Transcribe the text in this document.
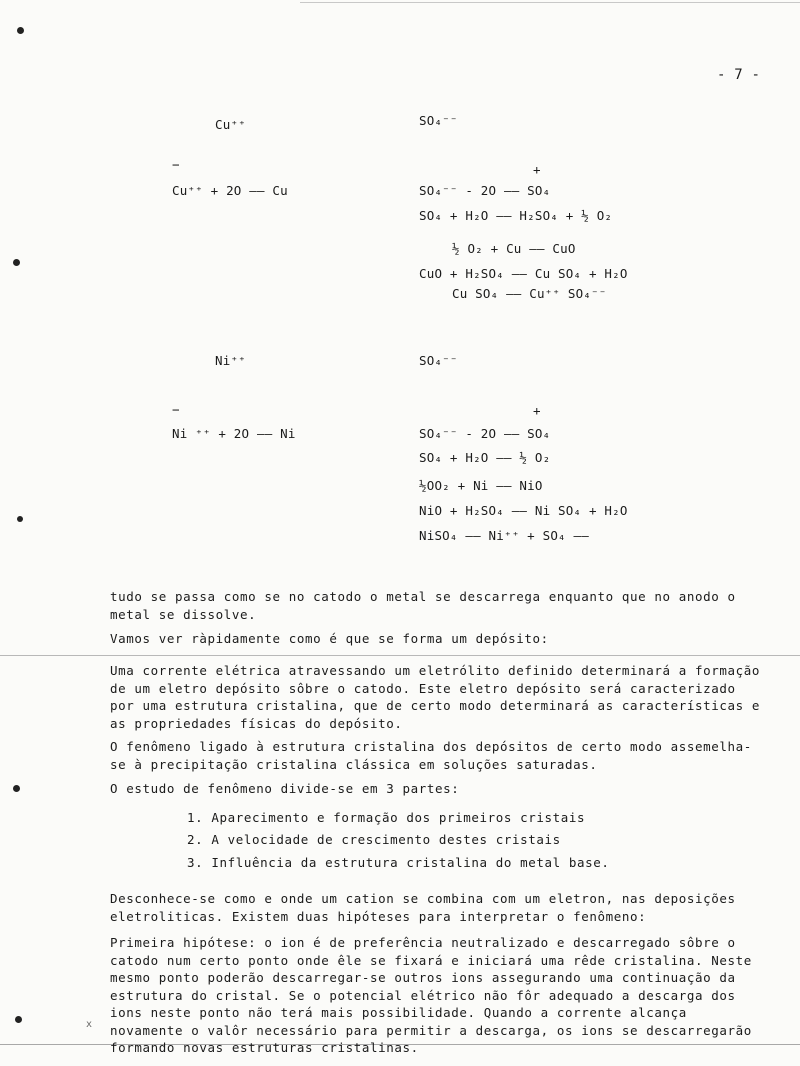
- 7 -
Cu⁺⁺	SO₄⁻⁻
−	+
Cu⁺⁺ + 2O —— Cu	SO₄⁻⁻ - 2O —— SO₄
SO₄ + H₂O —— H₂SO₄ + ½ O₂
½ O₂ + Cu —— CuO
CuO + H₂SO₄ —— Cu SO₄ + H₂O
Cu SO₄ —— Cu⁺⁺ SO₄⁻⁻
Ni⁺⁺	SO₄⁻⁻
−	+
Ni ⁺⁺ + 2O —— Ni	SO₄⁻⁻ - 2O —— SO₄
SO₄ + H₂O —— ½ O₂
½OO₂ + Ni —— NiO
NiO + H₂SO₄ —— Ni SO₄ + H₂O
NiSO₄ —— Ni⁺⁺ + SO₄ ——

tudo se passa como se no catodo o metal se descarrega enquanto que no anodo o metal se dissolve.

Vamos ver ràpidamente como é que se forma um depósito:

Uma corrente elétrica atravessando um eletrólito definido determinará a formação de um eletro depósito sôbre o catodo. Este eletro depósito será caracterizado por uma estrutura cristalina, que de certo modo determinará as características e as propriedades físicas do depósito.

O fenômeno ligado à estrutura cristalina dos depósitos de certo modo assemelha-se à precipitação cristalina clássica em soluções saturadas.

O estudo de fenômeno divide-se em 3 partes:

1. Aparecimento e formação dos primeiros cristais
2. A velocidade de crescimento destes cristais
3. Influência da estrutura cristalina do metal base.

Desconhece-se como e onde um cation se combina com um eletron, nas deposições eletroliticas. Existem duas hipóteses para interpretar o fenômeno:

Primeira hipótese: o ion é de preferência neutralizado e descarregado sôbre o catodo num certo ponto onde êle se fixará e iniciará uma rêde cristalina. Neste mesmo ponto poderão descarregar-se outros ions assegurando uma continuação da estrutura do cristal. Se o potencial elétrico não fôr adequado a descarga dos ions neste ponto não terá mais possibilidade. Quando a corrente alcança novamente o valôr necessário para permitir a descarga, os ions se descarregarão formando novas estruturas cristalinas.

x
